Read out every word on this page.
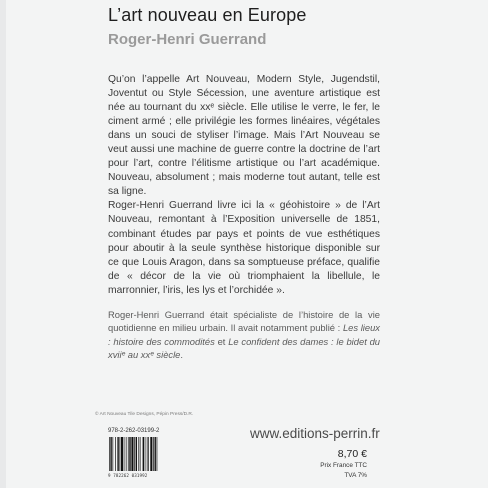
L’art nouveau en Europe
Roger-Henri Guerrand

Qu’on l’appelle Art Nouveau, Modern Style, Jugendstil, Joventut ou Style Sécession, une aventure artistique est née au tournant du xxᵉ siècle. Elle utilise le verre, le fer, le ciment armé ; elle privilégie les formes linéaires, végétales dans un souci de styliser l’image. Mais l’Art Nouveau se veut aussi une machine de guerre contre la doctrine de l’art pour l’art, contre l’élitisme artistique ou l’art académique. Nouveau, absolument ; mais moderne tout autant, telle est sa ligne.

Roger-Henri Guerrand livre ici la « géohistoire » de l’Art Nouveau, remontant à l’Exposition universelle de 1851, combinant études par pays et points de vue esthétiques pour aboutir à la seule synthèse historique disponible sur ce que Louis Aragon, dans sa somptueuse préface, qualifie de « décor de la vie où triomphaient la libellule, le marronnier, l’iris, les lys et l’orchidée ».

Roger-Henri Guerrand était spécialiste de l’histoire de la vie quotidienne en milieu urbain. Il avait notamment publié : Les lieux : histoire des commodités et Le confident des dames : le bidet du xviiᵉ au xxᵉ siècle.

© Art Nouveau Tile Designs, Pépin Press/D.R.
978-2-262-03199-2
9 782262 031992
www.editions-perrin.fr
8,70 €
Prix France TTC
TVA 7%
